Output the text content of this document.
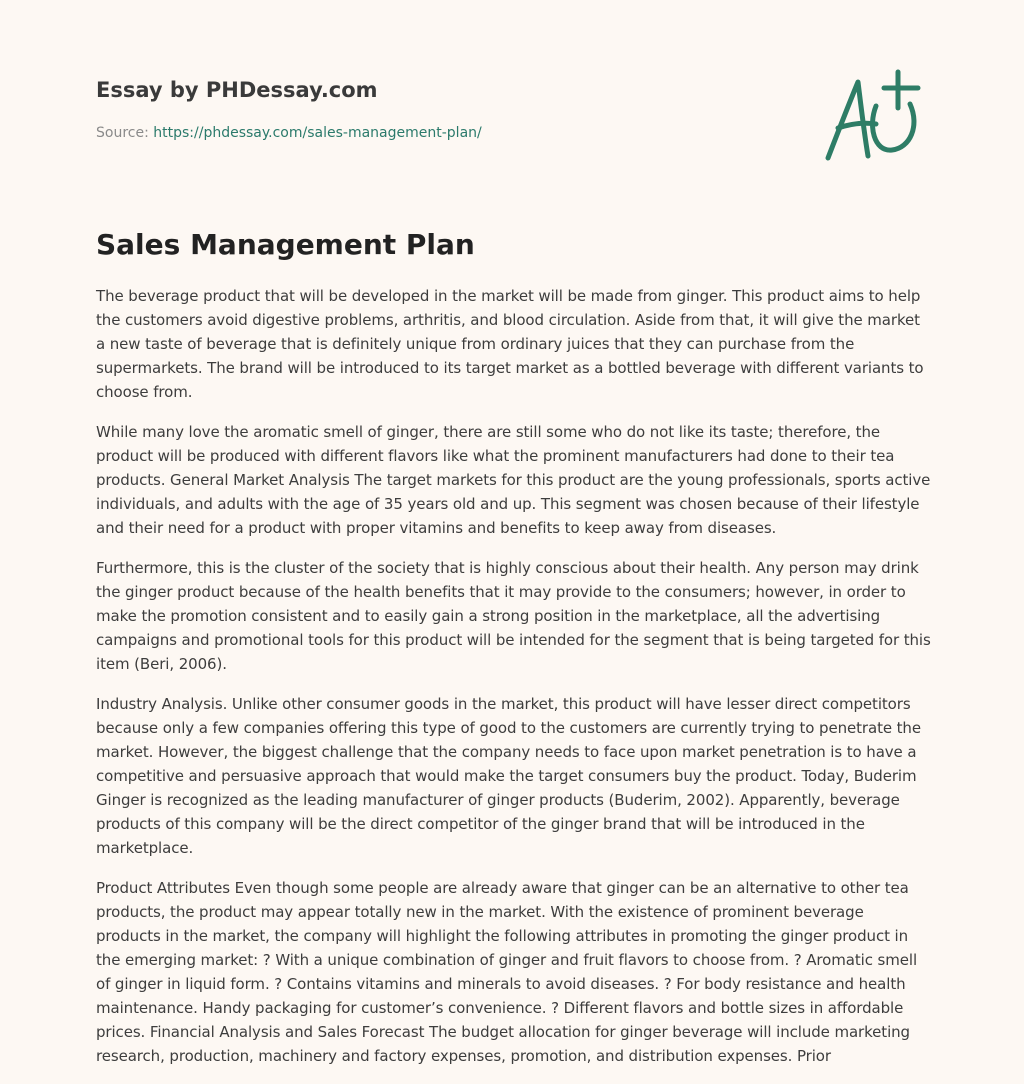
Essay by PHDessay.com
Source: https://phdessay.com/sales-management-plan/
Sales Management Plan

The beverage product that will be developed in the market will be made from ginger. This product aims to help the customers avoid digestive problems, arthritis, and blood circulation. Aside from that, it will give the market a new taste of beverage that is definitely unique from ordinary juices that they can purchase from the supermarkets. The brand will be introduced to its target market as a bottled beverage with different variants to choose from.

While many love the aromatic smell of ginger, there are still some who do not like its taste; therefore, the product will be produced with different flavors like what the prominent manufacturers had done to their tea products. General Market Analysis The target markets for this product are the young professionals, sports active individuals, and adults with the age of 35 years old and up. This segment was chosen because of their lifestyle and their need for a product with proper vitamins and benefits to keep away from diseases.

Furthermore, this is the cluster of the society that is highly conscious about their health. Any person may drink the ginger product because of the health benefits that it may provide to the consumers; however, in order to make the promotion consistent and to easily gain a strong position in the marketplace, all the advertising campaigns and promotional tools for this product will be intended for the segment that is being targeted for this item (Beri, 2006).

Industry Analysis. Unlike other consumer goods in the market, this product will have lesser direct competitors because only a few companies offering this type of good to the customers are currently trying to penetrate the market. However, the biggest challenge that the company needs to face upon market penetration is to have a competitive and persuasive approach that would make the target consumers buy the product. Today, Buderim Ginger is recognized as the leading manufacturer of ginger products (Buderim, 2002). Apparently, beverage products of this company will be the direct competitor of the ginger brand that will be introduced in the marketplace.

Product Attributes Even though some people are already aware that ginger can be an alternative to other tea products, the product may appear totally new in the market. With the existence of prominent beverage products in the market, the company will highlight the following attributes in promoting the ginger product in the emerging market: ? With a unique combination of ginger and fruit flavors to choose from. ? Aromatic smell of ginger in liquid form. ? Contains vitamins and minerals to avoid diseases. ? For body resistance and health maintenance. Handy packaging for customer’s convenience. ? Different flavors and bottle sizes in affordable prices. Financial Analysis and Sales Forecast The budget allocation for ginger beverage will include marketing research, production, machinery and factory expenses, promotion, and distribution expenses. Prior
